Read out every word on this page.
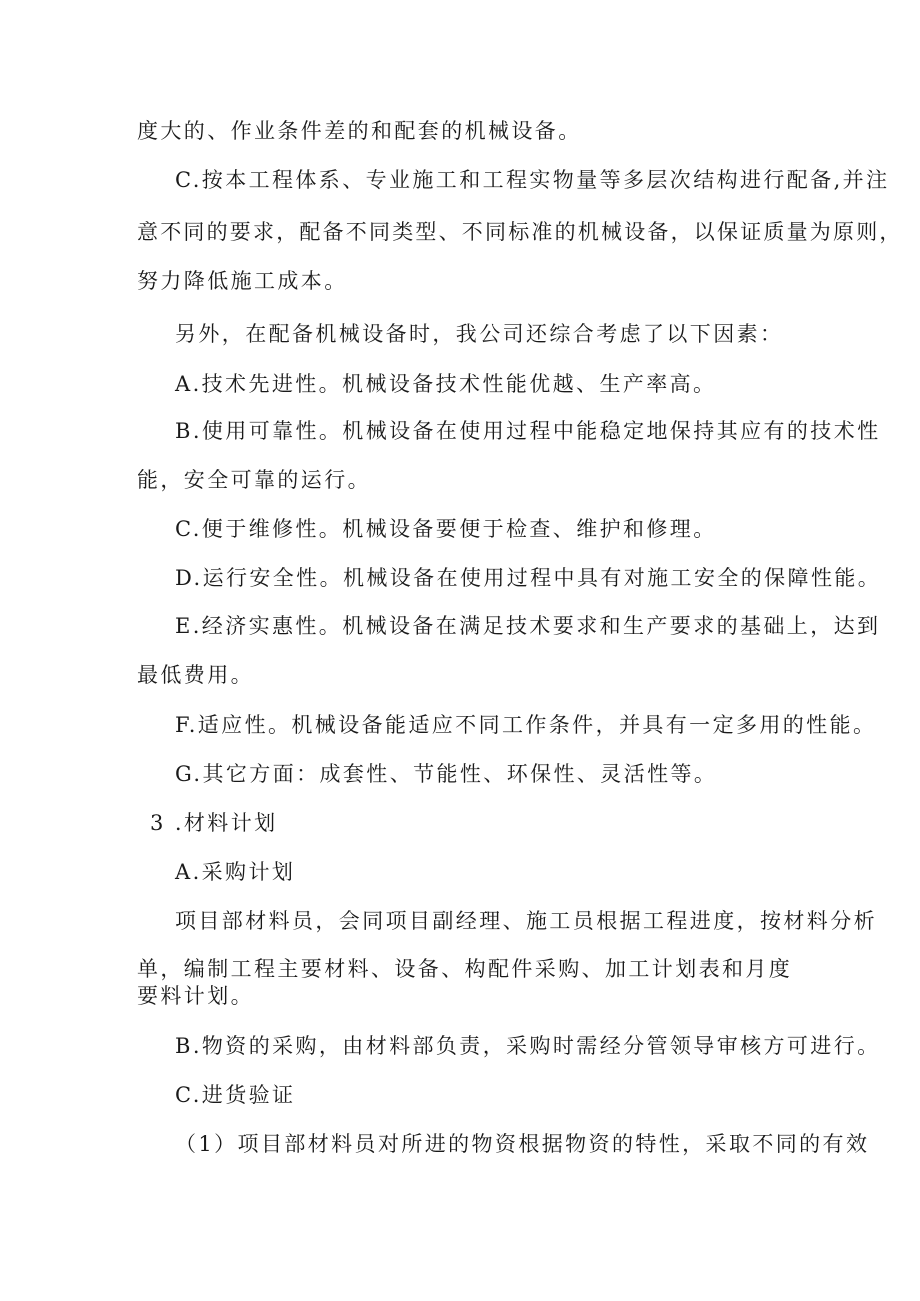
度大的、作业条件差的和配套的机械设备。
C.按本工程体系、专业施工和工程实物量等多层次结构进行配备,并注
意不同的要求，配备不同类型、不同标准的机械设备，以保证质量为原则，
努力降低施工成本。
另外，在配备机械设备时，我公司还综合考虑了以下因素：
A.技术先进性。机械设备技术性能优越、生产率高。
B.使用可靠性。机械设备在使用过程中能稳定地保持其应有的技术性
能，安全可靠的运行。
C.便于维修性。机械设备要便于检查、维护和修理。
D.运行安全性。机械设备在使用过程中具有对施工安全的保障性能。
E.经济实惠性。机械设备在满足技术要求和生产要求的基础上，达到
最低费用。
F.适应性。机械设备能适应不同工作条件，并具有一定多用的性能。
G.其它方面：成套性、节能性、环保性、灵活性等。
3 .材料计划
A.采购计划
项目部材料员，会同项目副经理、施工员根据工程进度，按材料分析
单，编制工程主要材料、设备、构配件采购、加工计划表和月度
要料计划。
B.物资的采购，由材料部负责，采购时需经分管领导审核方可进行。
C.进货验证
（1）项目部材料员对所进的物资根据物资的特性，采取不同的有效
